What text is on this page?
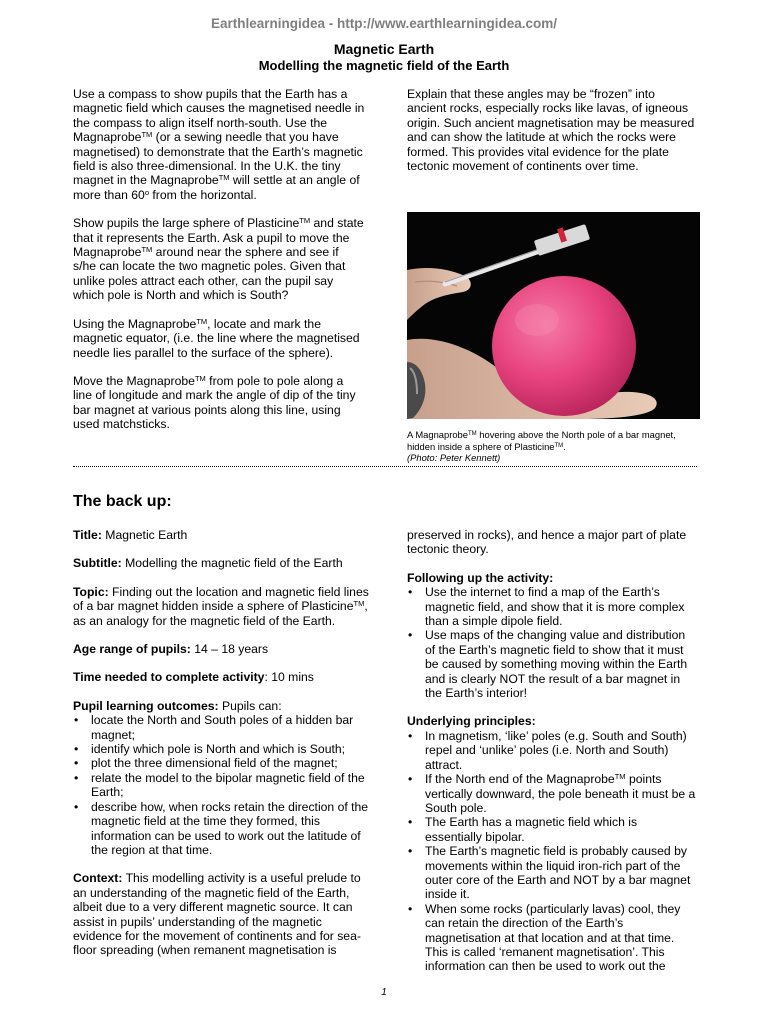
Earthlearningidea - http://www.earthlearningidea.com/
Magnetic Earth
Modelling the magnetic field of the Earth

Use a compass to show pupils that the Earth has a magnetic field which causes the magnetised needle in the compass to align itself north-south. Use the Magnaprobe™ (or a sewing needle that you have magnetised) to demonstrate that the Earth’s magnetic field is also three-dimensional. In the U.K. the tiny magnet in the Magnaprobe™ will settle at an angle of more than 60$^o$ from the horizontal.

Show pupils the large sphere of Plasticine™ and state that it represents the Earth. Ask a pupil to move the Magnaprobe™ around near the sphere and see if s/he can locate the two magnetic poles. Given that unlike poles attract each other, can the pupil say which pole is North and which is South?

Using the Magnaprobe™, locate and mark the magnetic equator, (i.e. the line where the magnetised needle lies parallel to the surface of the sphere).

Move the Magnaprobe™ from pole to pole along a line of longitude and mark the angle of dip of the tiny bar magnet at various points along this line, using used matchsticks.

Explain that these angles may be “frozen” into ancient rocks, especially rocks like lavas, of igneous origin. Such ancient magnetisation may be measured and can show the latitude at which the rocks were formed. This provides vital evidence for the plate tectonic movement of continents over time.

A Magnaprobe™ hovering above the North pole of a bar magnet, hidden inside a sphere of Plasticine™.
(Photo: Peter Kennett)
The back up:

Title: Magnetic Earth

Subtitle: Modelling the magnetic field of the Earth

Topic: Finding out the location and magnetic field lines of a bar magnet hidden inside a sphere of Plasticine™, as an analogy for the magnetic field of the Earth.

Age range of pupils: 14 – 18 years

Time needed to complete activity: 10 mins

Pupil learning outcomes: Pupils can:
• locate the North and South poles of a hidden bar magnet;
• identify which pole is North and which is South;
• plot the three dimensional field of the magnet;
• relate the model to the bipolar magnetic field of the Earth;
• describe how, when rocks retain the direction of the magnetic field at the time they formed, this information can be used to work out the latitude of the region at that time.

Context: This modelling activity is a useful prelude to an understanding of the magnetic field of the Earth, albeit due to a very different magnetic source. It can assist in pupils’ understanding of the magnetic evidence for the movement of continents and for sea-floor spreading (when remanent magnetisation is

preserved in rocks), and hence a major part of plate tectonic theory.

Following up the activity:
• Use the internet to find a map of the Earth’s magnetic field, and show that it is more complex than a simple dipole field.
• Use maps of the changing value and distribution of the Earth’s magnetic field to show that it must be caused by something moving within the Earth and is clearly NOT the result of a bar magnet in the Earth’s interior!
Underlying principles:
• In magnetism, ‘like’ poles (e.g. South and South) repel and ‘unlike’ poles (i.e. North and South) attract.
• If the North end of the Magnaprobe™ points vertically downward, the pole beneath it must be a South pole.
• The Earth has a magnetic field which is essentially bipolar.
• The Earth’s magnetic field is probably caused by movements within the liquid iron-rich part of the outer core of the Earth and NOT by a bar magnet inside it.
• When some rocks (particularly lavas) cool, they can retain the direction of the Earth’s magnetisation at that location and at that time. This is called ‘remanent magnetisation’. This information can then be used to work out the
1
